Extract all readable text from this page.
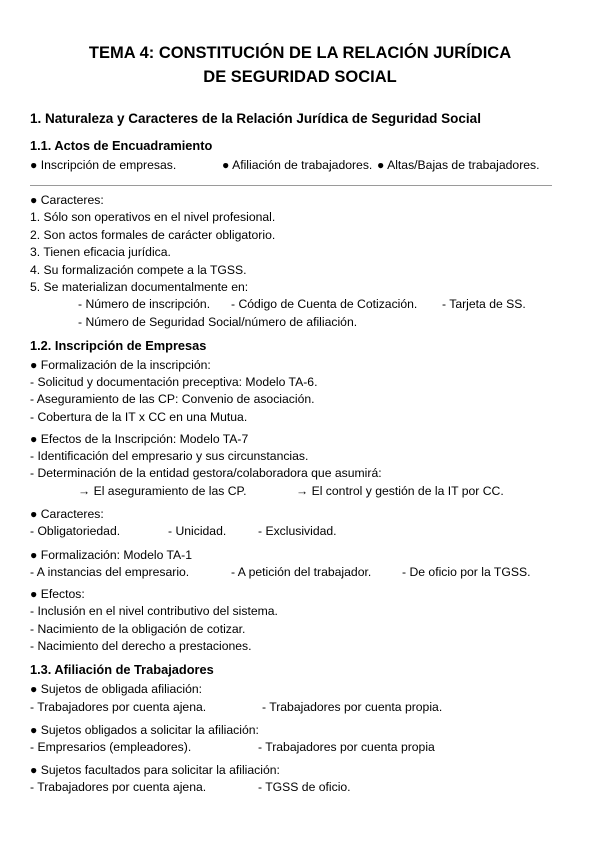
TEMA 4: CONSTITUCIÓN DE LA RELACIÓN JURÍDICA
DE SEGURIDAD SOCIAL
1. Naturaleza y Caracteres de la Relación Jurídica de Seguridad Social
1.1. Actos de Encuadramiento
● Inscripción de empresas.	● Afiliación de trabajadores. ● Altas/Bajas de trabajadores.
● Caracteres:
1. Sólo son operativos en el nivel profesional.
2. Son actos formales de carácter obligatorio.
3. Tienen eficacia jurídica.
4. Su formalización compete a la TGSS.
5. Se materializan documentalmente en:
- Número de inscripción. - Código de Cuenta de Cotización. - Tarjeta de SS.
- Número de Seguridad Social/número de afiliación.
1.2. Inscripción de Empresas
● Formalización de la inscripción:
- Solicitud y documentación preceptiva: Modelo TA-6.
- Aseguramiento de las CP: Convenio de asociación.
- Cobertura de la IT x CC en una Mutua.
● Efectos de la Inscripción: Modelo TA-7
- Identificación del empresario y sus circunstancias.
- Determinación de la entidad gestora/colaboradora que asumirá:
→ El aseguramiento de las CP.	→ El control y gestión de la IT por CC.
● Caracteres:
- Obligatoriedad.	- Unicidad.	- Exclusividad.
● Formalización: Modelo TA-1
- A instancias del empresario.	- A petición del trabajador.	- De oficio por la TGSS.
● Efectos:
- Inclusión en el nivel contributivo del sistema.
- Nacimiento de la obligación de cotizar.
- Nacimiento del derecho a prestaciones.
1.3. Afiliación de Trabajadores
● Sujetos de obligada afiliación:
- Trabajadores por cuenta ajena.	- Trabajadores por cuenta propia.
● Sujetos obligados a solicitar la afiliación:
- Empresarios (empleadores).	- Trabajadores por cuenta propia
● Sujetos facultados para solicitar la afiliación:
- Trabajadores por cuenta ajena.	- TGSS de oficio.
